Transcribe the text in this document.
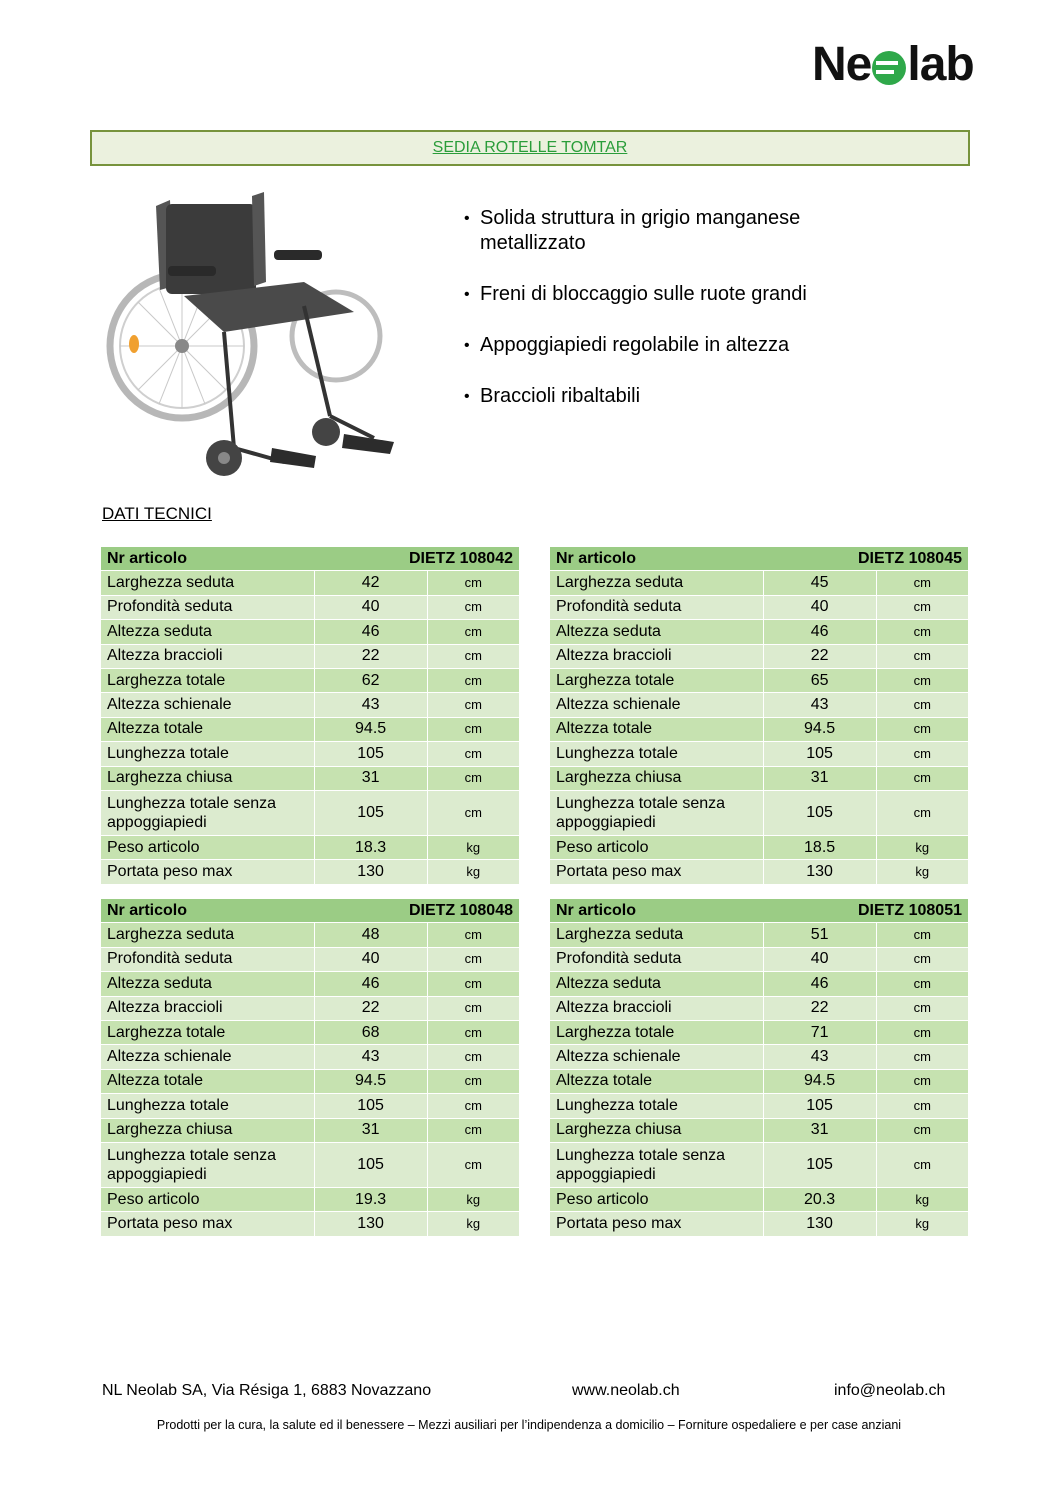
Ne lab
SEDIA ROTELLE TOMTAR
• Solida struttura in grigio manganese metallizzato
• Freni di bloccaggio sulle ruote grandi
• Appoggiapiedi regolabile in altezza
• Braccioli ribaltabili
DATI TECNICI
Nr articolo	DIETZ 108042	
Larghezza seduta	42	cm
Profondità seduta	40	cm
Altezza seduta	46	cm
Altezza braccioli	22	cm
Larghezza totale	62	cm
Altezza schienale	43	cm
Altezza totale	94.5	cm
Lunghezza totale	105	cm
Larghezza chiusa	31	cm
Lunghezza totale senza appoggiapiedi	105	cm
Peso articolo	18.3	kg
Portata peso max	130	kg
Nr articolo	DIETZ 108045	
Larghezza seduta	45	cm
Profondità seduta	40	cm
Altezza seduta	46	cm
Altezza braccioli	22	cm
Larghezza totale	65	cm
Altezza schienale	43	cm
Altezza totale	94.5	cm
Lunghezza totale	105	cm
Larghezza chiusa	31	cm
Lunghezza totale senza appoggiapiedi	105	cm
Peso articolo	18.5	kg
Portata peso max	130	kg
Nr articolo	DIETZ 108048	
Larghezza seduta	48	cm
Profondità seduta	40	cm
Altezza seduta	46	cm
Altezza braccioli	22	cm
Larghezza totale	68	cm
Altezza schienale	43	cm
Altezza totale	94.5	cm
Lunghezza totale	105	cm
Larghezza chiusa	31	cm
Lunghezza totale senza appoggiapiedi	105	cm
Peso articolo	19.3	kg
Portata peso max	130	kg
Nr articolo	DIETZ 108051	
Larghezza seduta	51	cm
Profondità seduta	40	cm
Altezza seduta	46	cm
Altezza braccioli	22	cm
Larghezza totale	71	cm
Altezza schienale	43	cm
Altezza totale	94.5	cm
Lunghezza totale	105	cm
Larghezza chiusa	31	cm
Lunghezza totale senza appoggiapiedi	105	cm
Peso articolo	20.3	kg
Portata peso max	130	kg
NL Neolab SA, Via Résiga 1, 6883 Novazzano	www.neolab.ch	info@neolab.ch
Prodotti per la cura, la salute ed il benessere – Mezzi ausiliari per l’indipendenza a domicilio – Forniture ospedaliere e per case anziani
